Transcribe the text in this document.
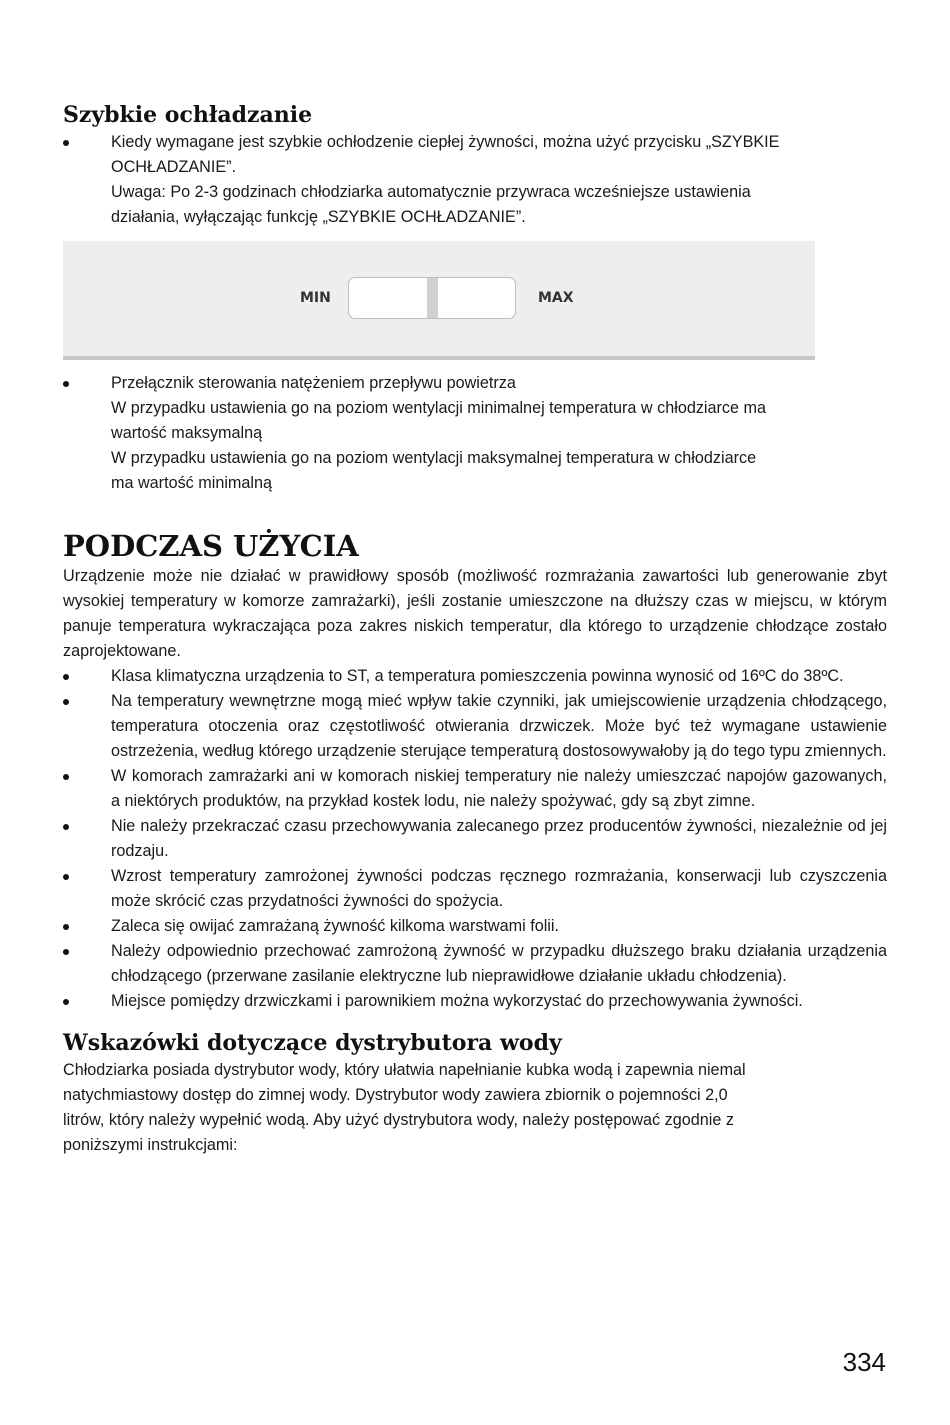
Szybkie ochładzanie
Kiedy wymagane jest szybkie ochłodzenie ciepłej żywności, można użyć przycisku „SZYBKIE
OCHŁADZANIE”.
Uwaga: Po 2-3 godzinach chłodziarka automatycznie przywraca wcześniejsze ustawienia
działania, wyłączając funkcję „SZYBKIE OCHŁADZANIE”.
MIN	MAX
Przełącznik sterowania natężeniem przepływu powietrza
W przypadku ustawienia go na poziom wentylacji minimalnej temperatura w chłodziarce ma
wartość maksymalną
W przypadku ustawienia go na poziom wentylacji maksymalnej temperatura w chłodziarce
ma wartość minimalną
PODCZAS UŻYCIA

Urządzenie może nie działać w prawidłowy sposób (możliwość rozmrażania zawartości lub generowanie zbyt wysokiej temperatury w komorze zamrażarki), jeśli zostanie umieszczone na dłuższy czas w miejscu, w którym panuje temperatura wykraczająca poza zakres niskich temperatur, dla którego to urządzenie chłodzące zostało zaprojektowane.

Klasa klimatyczna urządzenia to ST, a temperatura pomieszczenia powinna wynosić od 16ºC do 38ºC.
Na temperatury wewnętrzne mogą mieć wpływ takie czynniki, jak umiejscowienie urządzenia chłodzącego, temperatura otoczenia oraz częstotliwość otwierania drzwiczek. Może być też wymagane ustawienie ostrzeżenia, według którego urządzenie sterujące temperaturą dostosowywałoby ją do tego typu zmiennych.
W komorach zamrażarki ani w komorach niskiej temperatury nie należy umieszczać napojów gazowanych, a niektórych produktów, na przykład kostek lodu, nie należy spożywać, gdy są zbyt zimne.
Nie należy przekraczać czasu przechowywania zalecanego przez producentów żywności, niezależnie od jej rodzaju.
Wzrost temperatury zamrożonej żywności podczas ręcznego rozmrażania, konserwacji lub czyszczenia może skrócić czas przydatności żywności do spożycia.
Zaleca się owijać zamrażaną żywność kilkoma warstwami folii.
Należy odpowiednio przechować zamrożoną żywność w przypadku dłuższego braku działania urządzenia chłodzącego (przerwane zasilanie elektryczne lub nieprawidłowe działanie układu chłodzenia).
Miejsce pomiędzy drzwiczkami i parownikiem można wykorzystać do przechowywania żywności.
Wskazówki dotyczące dystrybutora wody

Chłodziarka posiada dystrybutor wody, który ułatwia napełnianie kubka wodą i zapewnia niemal
natychmiastowy dostęp do zimnej wody. Dystrybutor wody zawiera zbiornik o pojemności 2,0
litrów, który należy wypełnić wodą. Aby użyć dystrybutora wody, należy postępować zgodnie z
poniższymi instrukcjami:

334
